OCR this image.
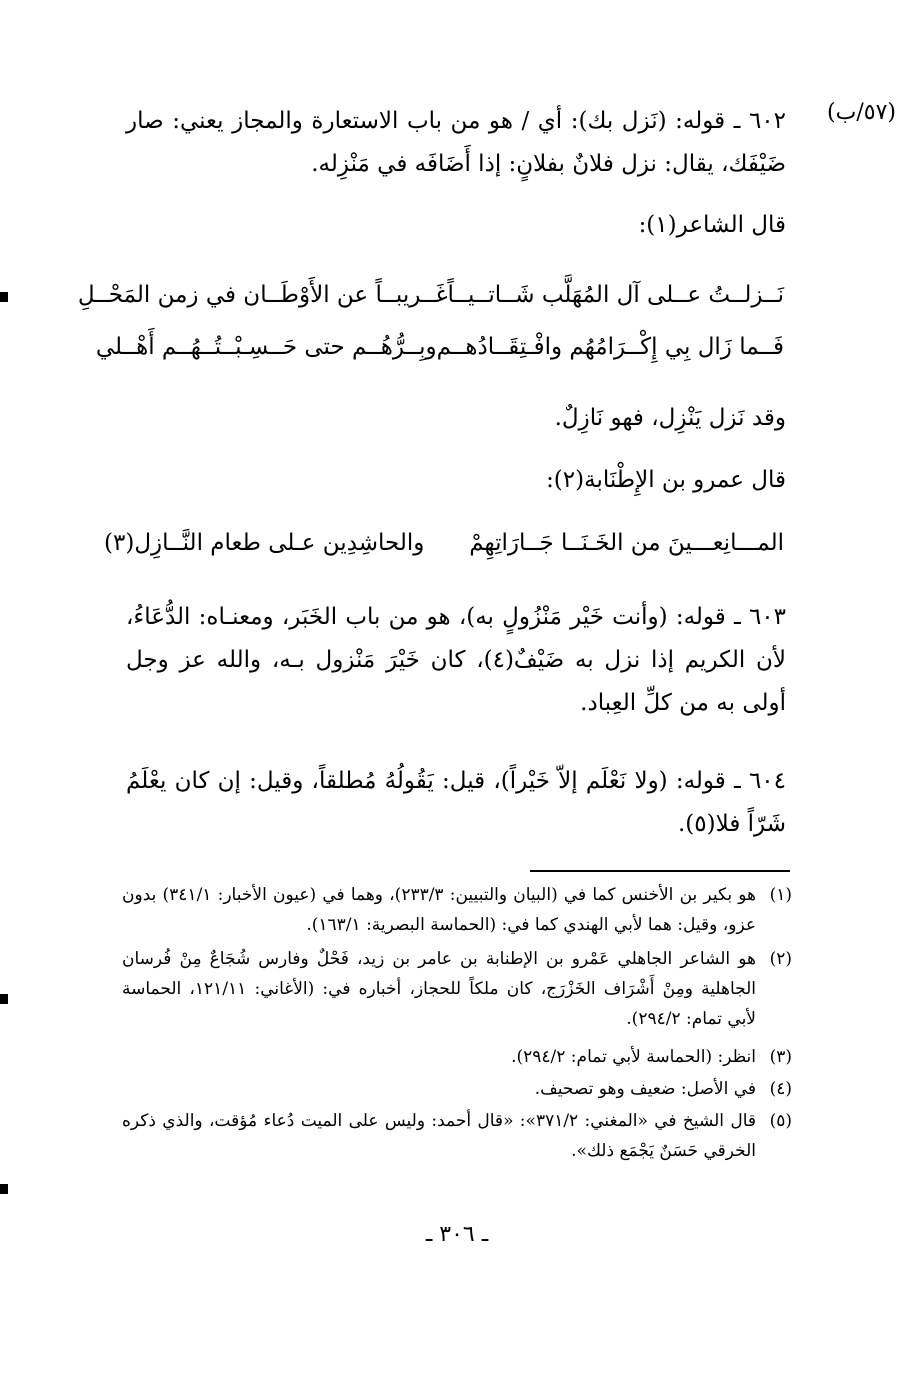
(٥٧/ب)
٦٠٢ ـ قوله: (نَزل بك): أي / هو من باب الاستعارة والمجاز يعني: صار ضَيْفَك، يقال: نزل فلانٌ بفلانٍ: إذا أَضَافَه في مَنْزِله.
قال الشاعر(١):
نَــزلــتُ عــلى آل المُهَلَّب شَــاتــيــاً
غَــريبــاً عن الأَوْطَــان في زمن المَحْــلِ
فَــما زَال بِي إِكْــرَامُهُم وافْـتِقَــادُهــم
وبِــرُّهُــم حتى حَــسِـبْــتُــهُــم أَهْــلي
وقد نَزل يَنْزِل، فهو نَازِلٌ.
قال عمرو بن الإِطْنَابة(٢):
المـــانِعـــينَ من الخَـنَــا جَــارَاتِهِمْ
والحاشِدِين عـلى طعام النَّــازِل(٣)
٦٠٣ ـ قوله: (وأنت خَيْر مَنْزُولٍ به)، هو من باب الخَبَر، ومعنـاه: الدُّعَاءُ، لأن الكريم إذا نزل به ضَيْفٌ(٤)، كان خَيْرَ مَنْزول بـه، والله عز وجل أولى به من كلِّ العِباد.
٦٠٤ ـ قوله: (ولا نَعْلَم إلاّ خَيْراً)، قيل: يَقُولُهُ مُطلقاً، وقيل: إن كان يعْلَمُ شَرّاً فلا(٥).
(١)
هو بكير بن الأخنس كما في (البيان والتبيين: ٢٣٣/٣)، وهما في (عيون الأخبار: ٣٤١/١) بدون عزو، وقيل: هما لأبي الهندي كما في: (الحماسة البصرية: ١٦٣/١).
(٢)
هو الشاعر الجاهلي عَمْرو بن الإطنابة بن عامر بن زيد، فَحْلٌ وفارس شُجَاعٌ مِنْ فُرسان الجاهلية ومِنْ أَشْرَاف الخَزْرَج، كان ملكاً للحجاز، أخباره في: (الأغاني: ١٢١/١١، الحماسة لأبي تمام: ٢٩٤/٢).
(٣)
انظر: (الحماسة لأبي تمام: ٢٩٤/٢).
(٤)
في الأصل: ضعيف وهو تصحيف.
(٥)
قال الشيخ في «المغني: ٣٧١/٢»: «قال أحمد: وليس على الميت دُعاء مُؤقت، والذي ذكره الخرقي حَسَنٌ يَجْمَع ذلك».
ـ ٣٠٦ ـ
